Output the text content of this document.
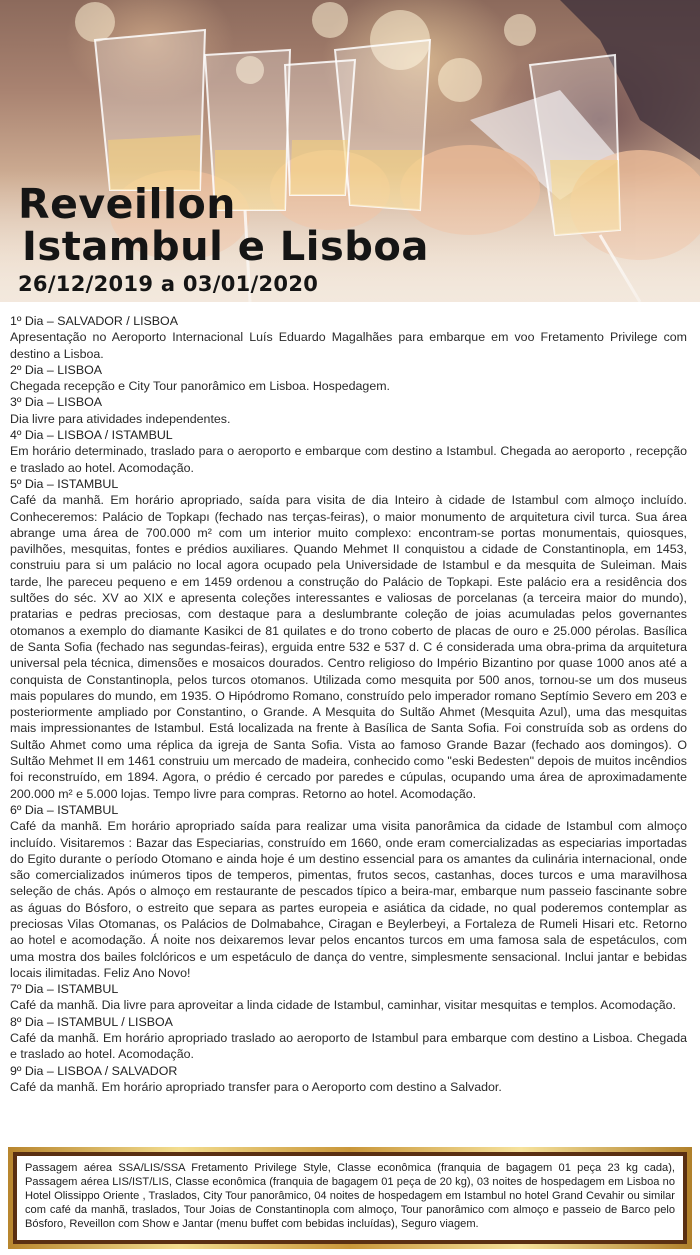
Reveillon
Istambul e Lisboa
26/12/2019 a 03/01/2020
1º Dia – SALVADOR / LISBOA
Apresentação no Aeroporto Internacional Luís Eduardo Magalhães para embarque em voo Fretamento Privilege com destino a Lisboa.
2º Dia – LISBOA
Chegada recepção e City Tour panorâmico em Lisboa. Hospedagem.
3º Dia – LISBOA
Dia livre para atividades independentes.
4º Dia – LISBOA / ISTAMBUL
Em horário determinado, traslado para o aeroporto e embarque com destino a Istambul. Chegada ao aeroporto , recepção e traslado ao hotel. Acomodação.
5º Dia – ISTAMBUL
Café da manhã. Em horário apropriado, saída para visita de dia Inteiro à cidade de Istambul com almoço incluído. Conheceremos: Palácio de Topkapı (fechado nas terças-feiras), o maior monumento de arquitetura civil turca. Sua área abrange uma área de 700.000 m² com um interior muito complexo: encontram-se portas monumentais, quiosques, pavilhões, mesquitas, fontes e prédios auxiliares. Quando Mehmet II conquistou a cidade de Constantinopla, em 1453, construiu para si um palácio no local agora ocupado pela Universidade de Istambul e da mesquita de Suleiman. Mais tarde, lhe pareceu pequeno e em 1459 ordenou a construção do Palácio de Topkapi. Este palácio era a residência dos sultões do séc. XV ao XIX e apresenta coleções interessantes e valiosas de porcelanas (a terceira maior do mundo), pratarias e pedras preciosas, com destaque para a deslumbrante coleção de joias acumuladas pelos governantes otomanos a exemplo do diamante Kasikci de 81 quilates e do trono coberto de placas de ouro e 25.000 pérolas. Basílica de Santa Sofia (fechado nas segundas-feiras), erguida entre 532 e 537 d. C é considerada uma obra-prima da arquitetura universal pela técnica, dimensões e mosaicos dourados. Centro religioso do Império Bizantino por quase 1000 anos até a conquista de Constantinopla, pelos turcos otomanos. Utilizada como mesquita por 500 anos, tornou-se um dos museus mais populares do mundo, em 1935. O Hipódromo Romano, construído pelo imperador romano Septímio Severo em 203 e posteriormente ampliado por Constantino, o Grande. A Mesquita do Sultão Ahmet (Mesquita Azul), uma das mesquitas mais impressionantes de Istambul. Está localizada na frente à Basílica de Santa Sofia. Foi construída sob as ordens do Sultão Ahmet como uma réplica da igreja de Santa Sofia. Vista ao famoso Grande Bazar (fechado aos domingos). O Sultão Mehmet II em 1461 construiu um mercado de madeira, conhecido como "eski Bedesten" depois de muitos incêndios foi reconstruído, em 1894. Agora, o prédio é cercado por paredes e cúpulas, ocupando uma área de aproximadamente 200.000 m² e 5.000 lojas. Tempo livre para compras. Retorno ao hotel. Acomodação.
6º Dia – ISTAMBUL
Café da manhã. Em horário apropriado saída para realizar uma visita panorâmica da cidade de Istambul com almoço incluído. Visitaremos : Bazar das Especiarias, construído em 1660, onde eram comercializadas as especiarias importadas do Egito durante o período Otomano e ainda hoje é um destino essencial para os amantes da culinária internacional, onde são comercializados inúmeros tipos de temperos, pimentas, frutos secos, castanhas, doces turcos e uma maravilhosa seleção de chás. Após o almoço em restaurante de pescados típico a beira-mar, embarque num passeio fascinante sobre as águas do Bósforo, o estreito que separa as partes europeia e asiática da cidade, no qual poderemos contemplar as preciosas Vilas Otomanas, os Palácios de Dolmabahce, Ciragan e Beylerbeyi, a Fortaleza de Rumeli Hisari etc. Retorno ao hotel e acomodação. Á noite nos deixaremos levar pelos encantos turcos em uma famosa sala de espetáculos, com uma mostra dos bailes folclóricos e um espetáculo de dança do ventre, simplesmente sensacional. Inclui jantar e bebidas locais ilimitadas. Feliz Ano Novo!
7º Dia – ISTAMBUL
Café da manhã. Dia livre para aproveitar a linda cidade de Istambul, caminhar, visitar mesquitas e templos. Acomodação.
8º Dia – ISTAMBUL / LISBOA
Café da manhã. Em horário apropriado traslado ao aeroporto de Istambul para embarque com destino a Lisboa. Chegada e traslado ao hotel. Acomodação.
9º Dia – LISBOA / SALVADOR
Café da manhã. Em horário apropriado transfer para o Aeroporto com destino a Salvador.
Passagem aérea SSA/LIS/SSA Fretamento Privilege Style, Classe econômica (franquia de bagagem 01 peça 23 kg cada), Passagem aérea LIS/IST/LIS, Classe econômica (franquia de bagagem 01 peça de 20 kg), 03 noites de hospedagem em Lisboa no Hotel Olissippo Oriente , Traslados, City Tour panorâmico, 04 noites de hospedagem em Istambul no hotel Grand Cevahir ou similar com café da manhã, traslados, Tour Joias de Constantinopla com almoço, Tour panorâmico com almoço e passeio de Barco pelo Bósforo, Reveillon com Show e Jantar (menu buffet com bebidas incluídas), Seguro viagem.
